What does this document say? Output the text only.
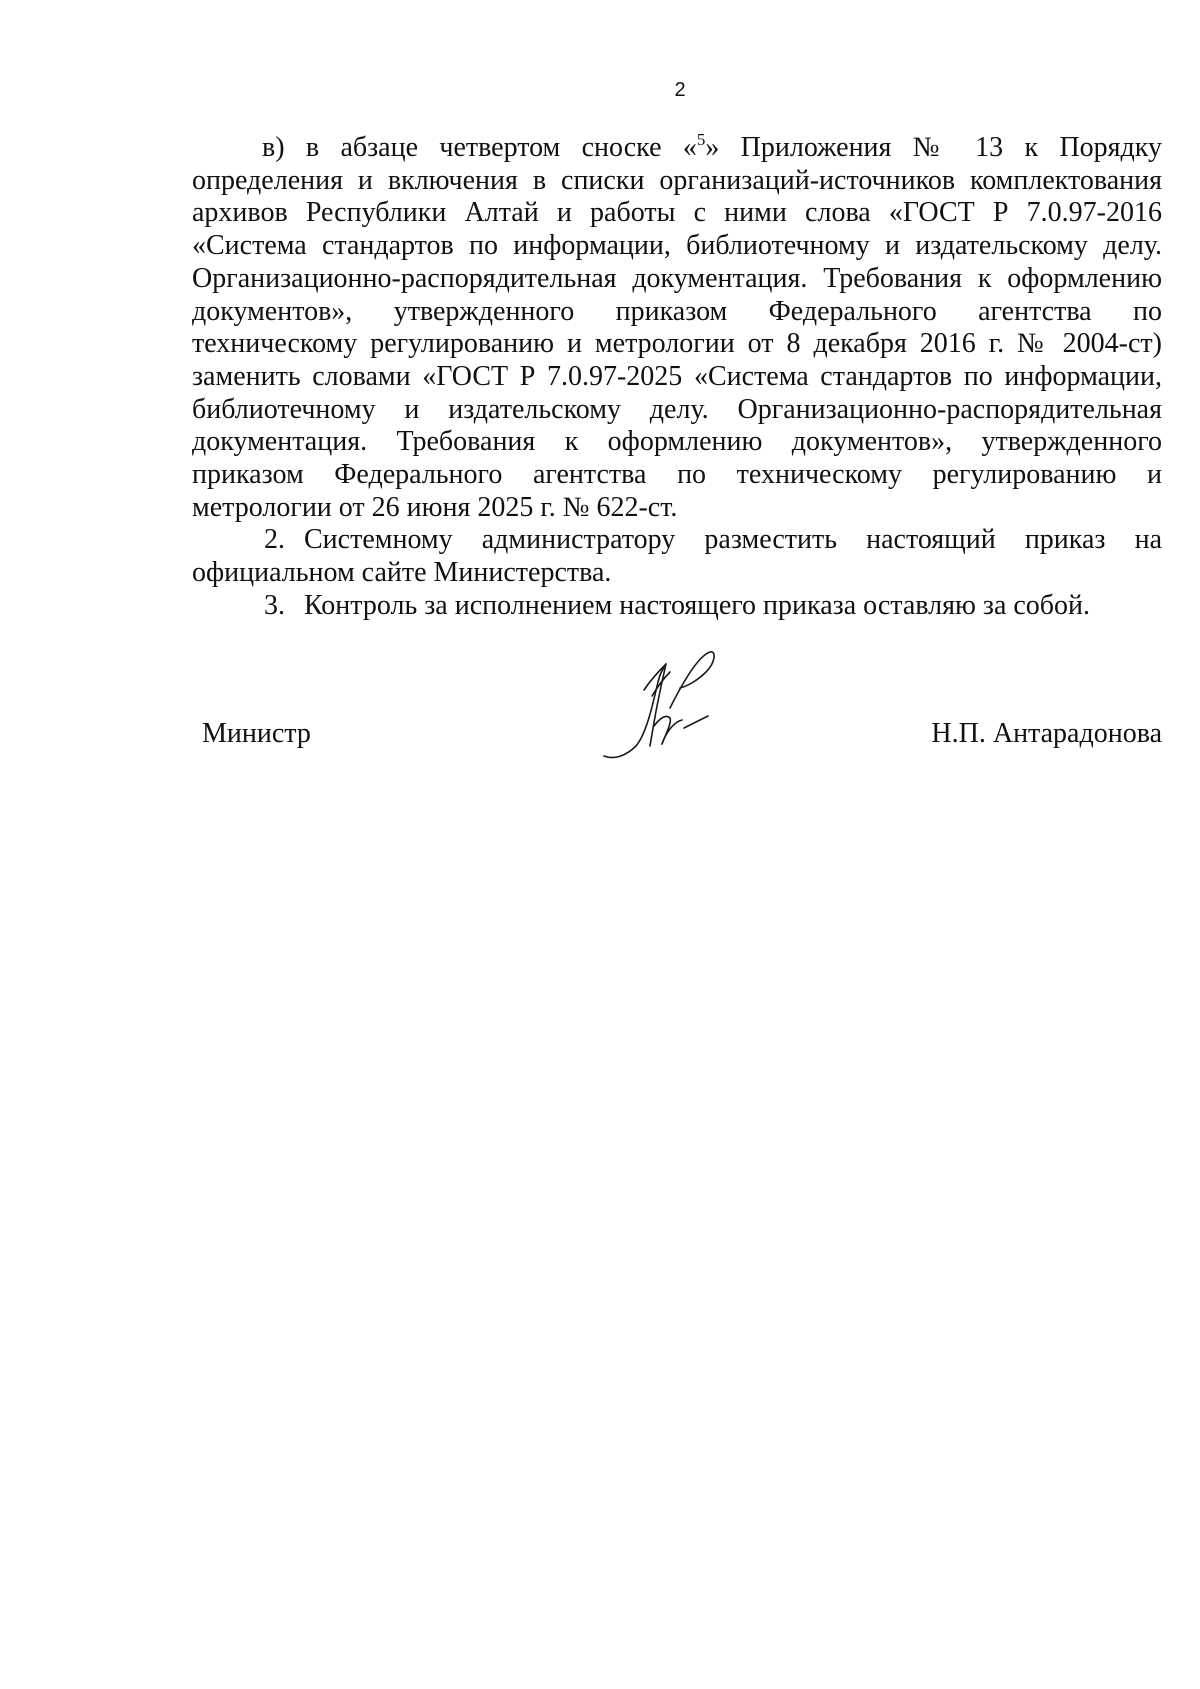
2

в) в абзаце четвертом сноске «$^5$» Приложения № 13 к Порядку определения и включения в списки организаций-источников комплектования архивов Республики Алтай и работы с ними слова «ГОСТ Р 7.0.97-2016 «Система стандартов по информации, библиотечному и издательскому делу. Организационно-распорядительная документация. Требования к оформлению документов», утвержденного приказом Федерального агентства по техническому регулированию и метрологии от 8 декабря 2016 г. № 2004-ст) заменить словами «ГОСТ Р 7.0.97-2025 «Система стандартов по информации, библиотечному и издательскому делу. Организационно-распорядительная документация. Требования к оформлению документов», утвержденного приказом Федерального агентства по техническому регулированию и метрологии от 26 июня 2025 г. № 622-ст.

2. Системному администратору разместить настоящий приказ на официальном сайте Министерства.

3. Контроль за исполнением настоящего приказа оставляю за собой.

Министр	Н.П. Антарадонова
